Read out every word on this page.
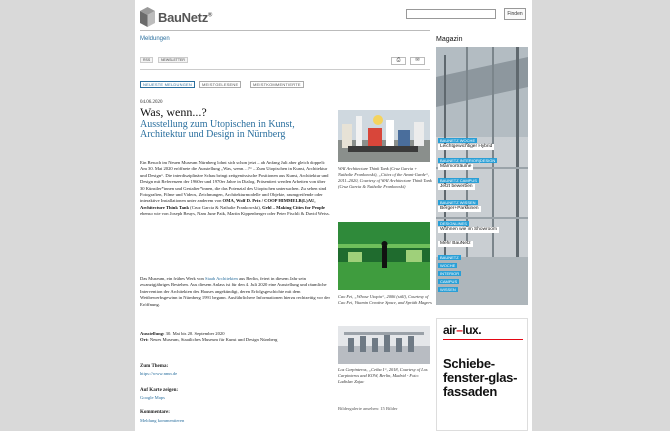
BauNetz®	Finden
Meldungen	Magazin
RSS	NEWSLETTER	⎙	✉
NEUESTE MELDUNGEN	MEISTGELESENE	MEISTKOMMENTIERTE
04.06.2020
Was, wenn...?
Ausstellung zum Utopischen in Kunst, Architektur und Design in Nürnberg
Ein Besuch im Neuen Museum Nürnberg lohnt sich schon jetzt – ab Anfang Juli aber gleich doppelt: Am 30. Mai 2020 eröffnete die Ausstellung „Was, wenn…?“ – Zum Utopischen in Kunst, Architektur und Design“. Die interdisziplinäre Schau bringt zeitgenössische Positionen aus Kunst, Architektur und Design mit Referenzen der 1960er und 1970er Jahre in Dialog. Präsentiert werden Arbeiten von über 30 Künstler*innen und Gestalter*innen, die das Potenzial des Utopischen untersuchen. Zu sehen sind Fotografien, Filme und Videos, Zeichnungen, Architekturmodelle und Objekte, raumgreifende oder interaktive Installationen unter anderem von OMA, Wolf D. Prix / COOP HIMMELB(L)AU, Architecture Think Tank (Cruz Garcia & Nathalie Frankowski), Gehl – Making Cities for People ebenso wie von Joseph Beuys, Nam June Paik, Martin Kippenberger oder Peter Fischli & David Weiss.
Das Museum, ein frühes Werk von Staab Architekten aus Berlin, feiert in diesem Jahr sein zwanzigjähriges Bestehen. Aus diesem Anlass ist für den 4. Juli 2020 eine Ausstellung und räumliche Intervention der Architekten des Hauses angekündigt, deren Erfolgsgeschichte mit dem Wettbewerbsgewinn in Nürnberg 1991 begann. Ausführlichere Informationen hierzu rechtzeitig vor der Eröffnung.
Ausstellung: 30. Mai bis 20. September 2020
Ort: Neues Museum, Staatliches Museum für Kunst und Design Nürnberg
Zum Thema:
https://www.nmn.de
Auf Karte zeigen:
Google Maps
Kommentare:
Meldung kommentieren
WAI Architecture Think Tank (Cruz Garcia + Nathalie Frankowski), „Cities of the Avant-Garde“, 2011–2020, Courtesy of WAI Architecture Think Tank (Cruz Garcia & Nathalie Frankowski)
Cao Fei, „Whose Utopia“, 2006 (still), Courtesy of Cao Fei, Vitamin Creative Space, and Sprüth Magers
Los Carpinteros, „Ceiba I“, 2018, Courtesy of Los Carpinteros and KOW, Berlin, Madrid - Foto: Ladislav Zajac
Bildergalerie ansehen: 15 Bilder
BAUNETZ WOCHE
Leichtgewichtiger Hybrid
BAUNETZ INTERIOR|DESIGN
Marmorträume
BAUNETZ CAMPUS
Jetzt bewerben
BAUNETZ WISSEN
Berger+Parkkinen
DESIGNLINES
Wohnen wie im Showroom
Mehr BauNetz
BAUNETZ
WOCHE
INTERIOR
CAMPUS
WISSEN
air–lux.
Schiebe-fenster-glas-fassaden
